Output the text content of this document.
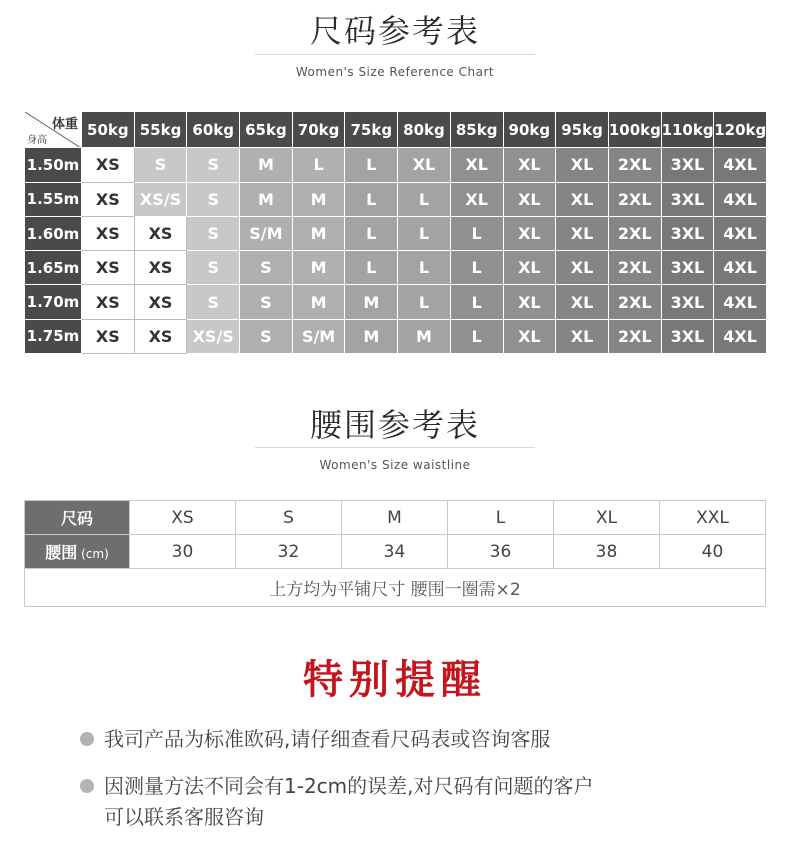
尺码参考表
Women's Size Reference Chart
体重
身高	50kg	55kg	60kg	65kg	70kg	75kg	80kg	85kg	90kg	95kg	100kg	110kg	120kg
1.50m	XS	S	S	M	L	L	XL	XL	XL	XL	2XL	3XL	4XL
1.55m	XS	XS/S	S	M	M	L	L	XL	XL	XL	2XL	3XL	4XL
1.60m	XS	XS	S	S/M	M	L	L	L	XL	XL	2XL	3XL	4XL
1.65m	XS	XS	S	S	M	L	L	L	XL	XL	2XL	3XL	4XL
1.70m	XS	XS	S	S	M	M	L	L	XL	XL	2XL	3XL	4XL
1.75m	XS	XS	XS/S	S	S/M	M	M	L	XL	XL	2XL	3XL	4XL
腰围参考表
Women's Size waistline
尺码	XS	S	M	L	XL	XXL
腰围 (cm)	30	32	34	36	38	40
上方均为平铺尺寸 腰围一圈需×2						
特别提醒
我司产品为标准欧码,请仔细查看尺码表或咨询客服
因测量方法不同会有1-2cm的误差,对尺码有问题的客户
可以联系客服咨询
